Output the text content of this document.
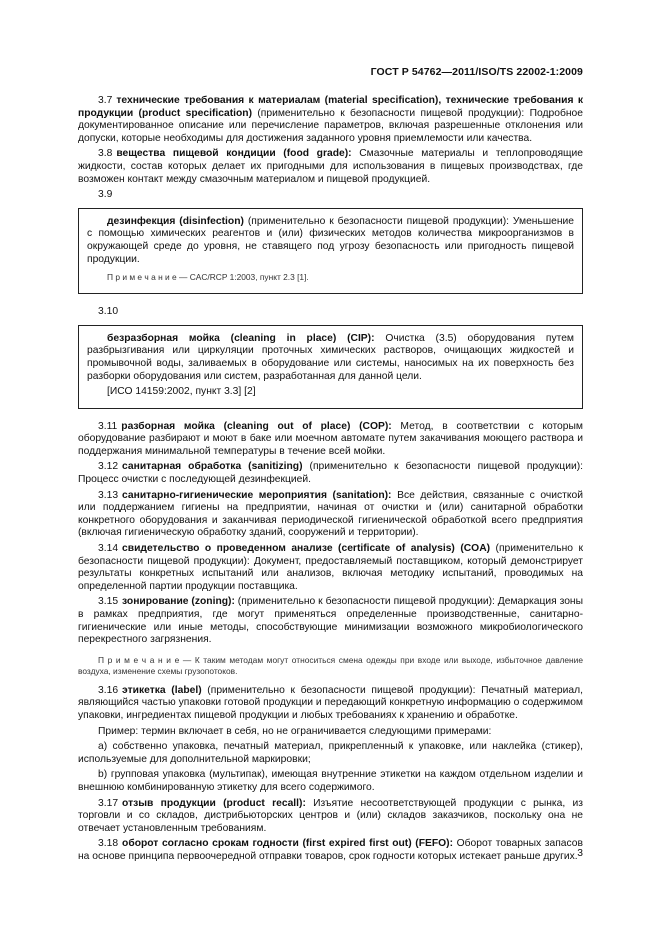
ГОСТ Р 54762—2011/ISO/TS 22002-1:2009

3.7 технические требования к материалам (material specification), технические требования к продукции (product specification) (применительно к безопасности пищевой продукции): Подробное документированное описание или перечисление параметров, включая разрешенные отклонения или допуски, которые необходимы для достижения заданного уровня приемлемости или качества.

3.8 вещества пищевой кондиции (food grade): Смазочные материалы и теплопроводящие жидкости, состав которых делает их пригодными для использования в пищевых производствах, где возможен контакт между смазочным материалом и пищевой продукцией.

3.9

дезинфекция (disinfection) (применительно к безопасности пищевой продукции): Уменьшение с помощью химических реагентов и (или) физических методов количества микроорганизмов в окружающей среде до уровня, не ставящего под угрозу безопасность или пригодность пищевой продукции.

П р и м е ч а н и е — CAC/RCP 1:2003, пункт 2.3 [1].

3.10

безразборная мойка (cleaning in place) (CIP): Очистка (3.5) оборудования путем разбрызгивания или циркуляции проточных химических растворов, очищающих жидкостей и промывочной воды, заливаемых в оборудование или системы, наносимых на их поверхность без разборки оборудования или систем, разработанная для данной цели.

[ИСО 14159:2002, пункт 3.3] [2]

3.11 разборная мойка (cleaning out of place) (COP): Метод, в соответствии с которым оборудование разбирают и моют в баке или моечном автомате путем закачивания моющего раствора и поддержания минимальной температуры в течение всей мойки.

3.12 санитарная обработка (sanitizing) (применительно к безопасности пищевой продукции): Процесс очистки с последующей дезинфекцией.

3.13 санитарно-гигиенические мероприятия (sanitation): Все действия, связанные с очисткой или поддержанием гигиены на предприятии, начиная от очистки и (или) санитарной обработки конкретного оборудования и заканчивая периодической гигиенической обработкой всего предприятия (включая гигиеническую обработку зданий, сооружений и территории).

3.14 свидетельство о проведенном анализе (certificate of analysis) (COA) (применительно к безопасности пищевой продукции): Документ, предоставляемый поставщиком, который демонстрирует результаты конкретных испытаний или анализов, включая методику испытаний, проводимых на определенной партии продукции поставщика.

3.15 зонирование (zoning): (применительно к безопасности пищевой продукции): Демаркация зоны в рамках предприятия, где могут применяться определенные производственные, санитарно-гигиенические или иные методы, способствующие минимизации возможного микробиологического перекрестного загрязнения.

П р и м е ч а н и е — К таким методам могут относиться смена одежды при входе или выходе, избыточное давление воздуха, изменение схемы грузопотоков.

3.16 этикетка (label) (применительно к безопасности пищевой продукции): Печатный материал, являющийся частью упаковки готовой продукции и передающий конкретную информацию о содержимом упаковки, ингредиентах пищевой продукции и любых требованиях к хранению и обработке.

Пример: термин включает в себя, но не ограничивается следующими примерами:

а) собственно упаковка, печатный материал, прикрепленный к упаковке, или наклейка (стикер), используемые для дополнительной маркировки;

b) групповая упаковка (мультипак), имеющая внутренние этикетки на каждом отдельном изделии и внешнюю комбинированную этикетку для всего содержимого.

3.17 отзыв продукции (product recall): Изъятие несоответствующей продукции с рынка, из торговли и со складов, дистрибьюторских центров и (или) складов заказчиков, поскольку она не отвечает установленным требованиям.

3.18 оборот согласно срокам годности (first expired first out) (FEFO): Оборот товарных запасов на основе принципа первоочередной отправки товаров, срок годности которых истекает раньше других. 3
